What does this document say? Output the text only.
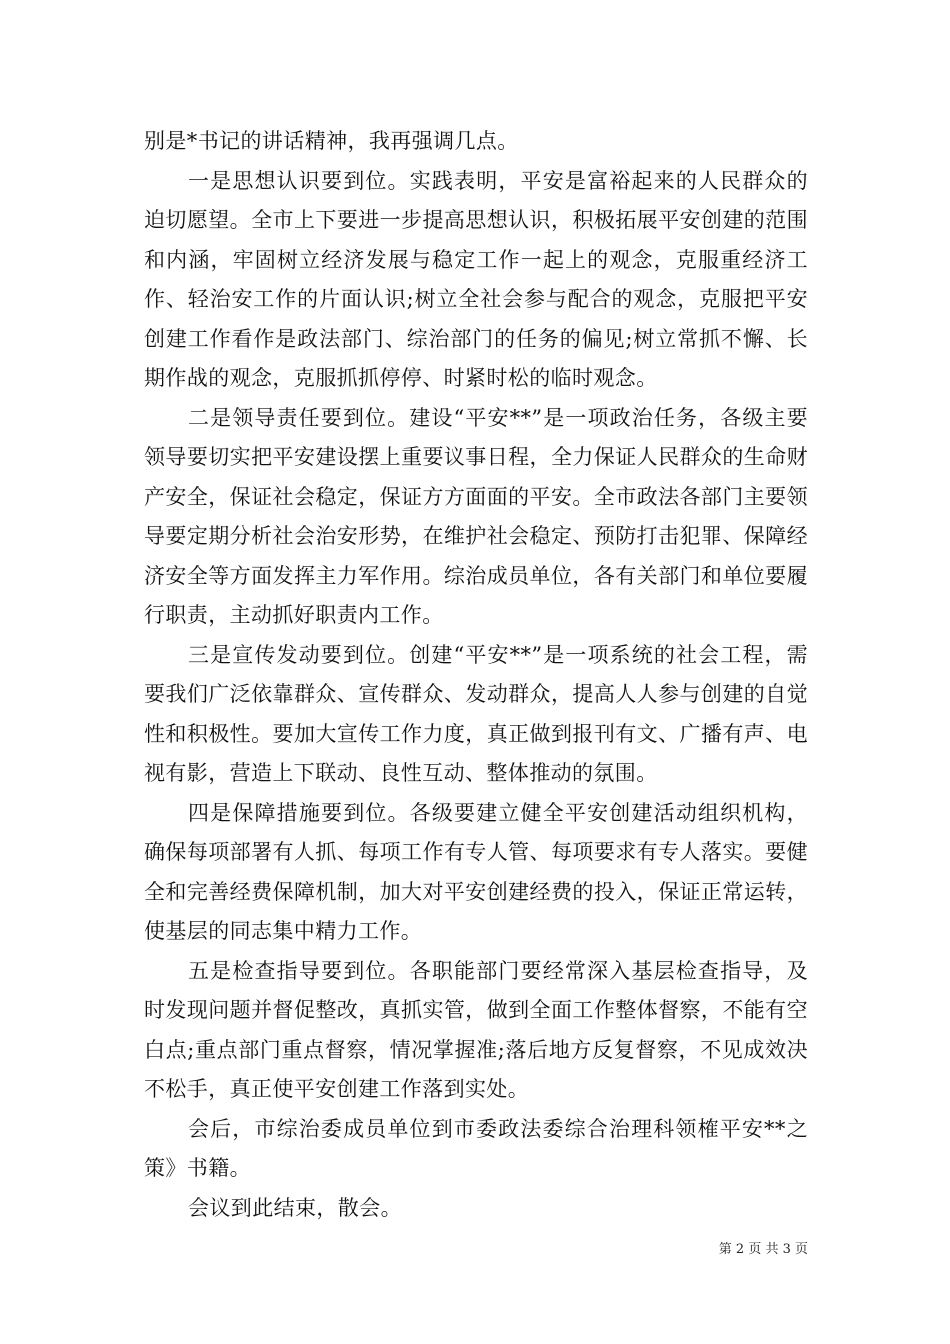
别是*书记的讲话精神，我再强调几点。

一是思想认识要到位。实践表明，平安是富裕起来的人民群众的迫切愿望。全市上下要进一步提高思想认识，积极拓展平安创建的范围和内涵，牢固树立经济发展与稳定工作一起上的观念，克服重经济工作、轻治安工作的片面认识;树立全社会参与配合的观念，克服把平安创建工作看作是政法部门、综治部门的任务的偏见;树立常抓不懈、长期作战的观念，克服抓抓停停、时紧时松的临时观念。

二是领导责任要到位。建设“平安**”是一项政治任务，各级主要领导要切实把平安建设摆上重要议事日程，全力保证人民群众的生命财产安全，保证社会稳定，保证方方面面的平安。全市政法各部门主要领导要定期分析社会治安形势，在维护社会稳定、预防打击犯罪、保障经济安全等方面发挥主力军作用。综治成员单位，各有关部门和单位要履行职责，主动抓好职责内工作。

三是宣传发动要到位。创建“平安**”是一项系统的社会工程，需要我们广泛依靠群众、宣传群众、发动群众，提高人人参与创建的自觉性和积极性。要加大宣传工作力度，真正做到报刊有文、广播有声、电视有影，营造上下联动、良性互动、整体推动的氛围。

四是保障措施要到位。各级要建立健全平安创建活动组织机构，确保每项部署有人抓、每项工作有专人管、每项要求有专人落实。要健全和完善经费保障机制，加大对平安创建经费的投入，保证正常运转，使基层的同志集中精力工作。

五是检查指导要到位。各职能部门要经常深入基层检查指导，及时发现问题并督促整改，真抓实管，做到全面工作整体督察，不能有空白点;重点部门重点督察，情况掌握准;落后地方反复督察，不见成效决不松手，真正使平安创建工作落到实处。

会后，市综治委成员单位到市委政法委综合治理科领榷平安**之策》书籍。

会议到此结束，散会。

第 2 页 共 3 页
